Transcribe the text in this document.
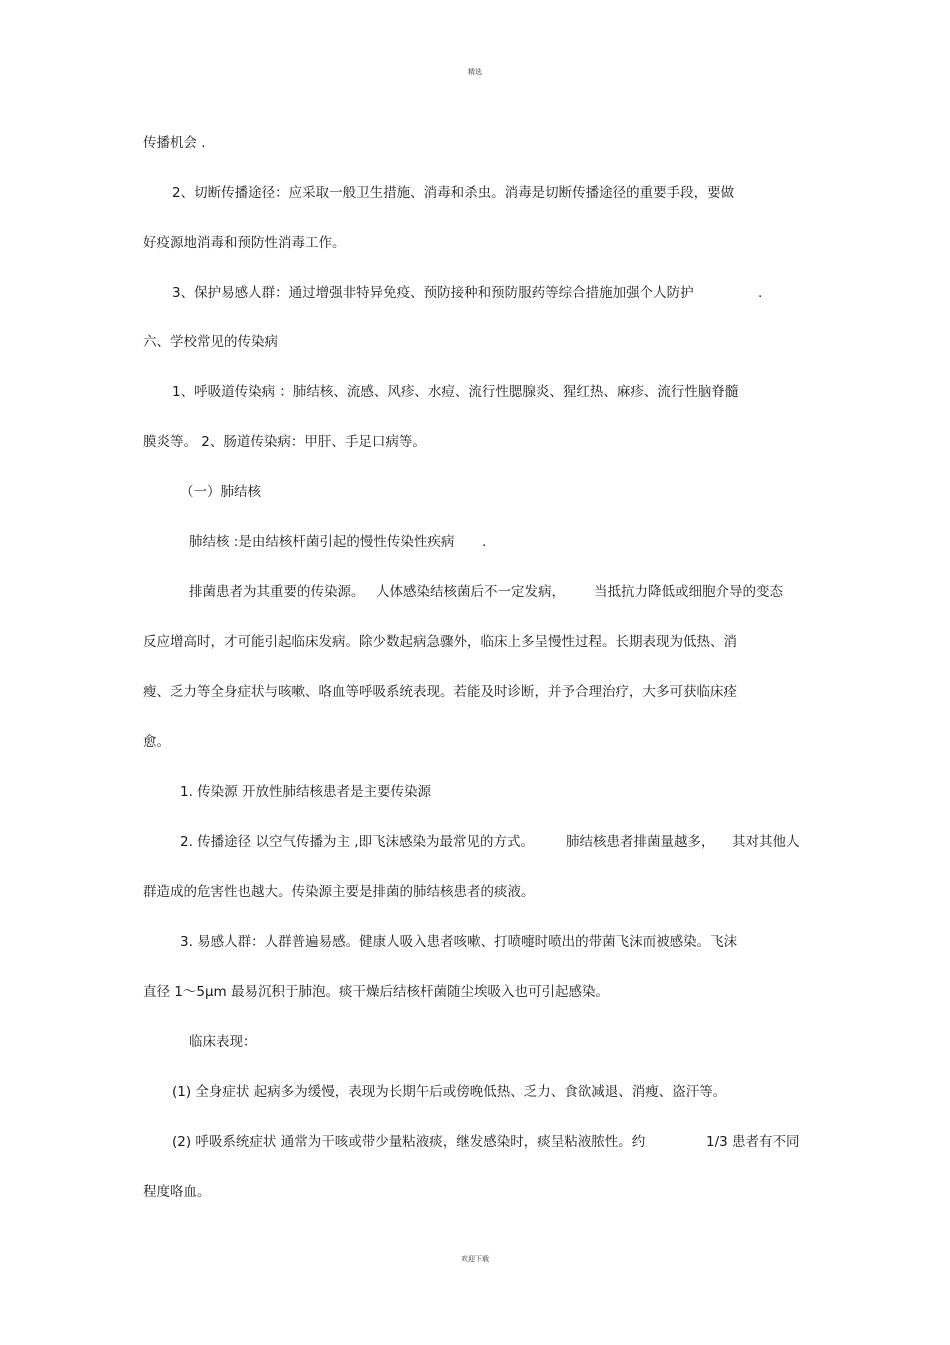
精选
传播机会 .
2、切断传播途径：应采取一般卫生措施、消毒和杀虫。消毒是切断传播途径的重要手段，要做
好疫源地消毒和预防性消毒工作。
3、保护易感人群：通过增强非特异免疫、预防接种和预防服药等综合措施加强个人防护	.
六、学校常见的传染病
1、呼吸道传染病 ：肺结核、流感、风疹、水痘、流行性腮腺炎、猩红热、麻疹、流行性脑脊髓
膜炎等。 2、肠道传染病：甲肝、手足口病等。
（一）肺结核
肺结核 :是由结核杆菌引起的慢性传染性疾病 .
排菌患者为其重要的传染源。 人体感染结核菌后不一定发病， 当抵抗力降低或细胞介导的变态
反应增高时，才可能引起临床发病。除少数起病急骤外，临床上多呈慢性过程。长期表现为低热、消
瘦、乏力等全身症状与咳嗽、咯血等呼吸系统表现。若能及时诊断，并予合理治疗，大多可获临床痊
愈。
1. 传染源 开放性肺结核患者是主要传染源
2. 传播途径 以空气传播为主 ,即飞沫感染为最常见的方式。 肺结核患者排菌量越多， 其对其他人
群造成的危害性也越大。传染源主要是排菌的肺结核患者的痰液。
3. 易感人群：人群普遍易感。健康人吸入患者咳嗽、打喷嚏时喷出的带菌飞沫而被感染。飞沫
直径 1～5μm 最易沉积于肺泡。痰干燥后结核杆菌随尘埃吸入也可引起感染。
临床表现：
(1) 全身症状 起病多为缓慢，表现为长期午后或傍晚低热、乏力、食欲减退、消瘦、盗汗等。
(2) 呼吸系统症状 通常为干咳或带少量粘液痰，继发感染时，痰呈粘液脓性。约	1/3 患者有不同
程度咯血。
欢迎下载
